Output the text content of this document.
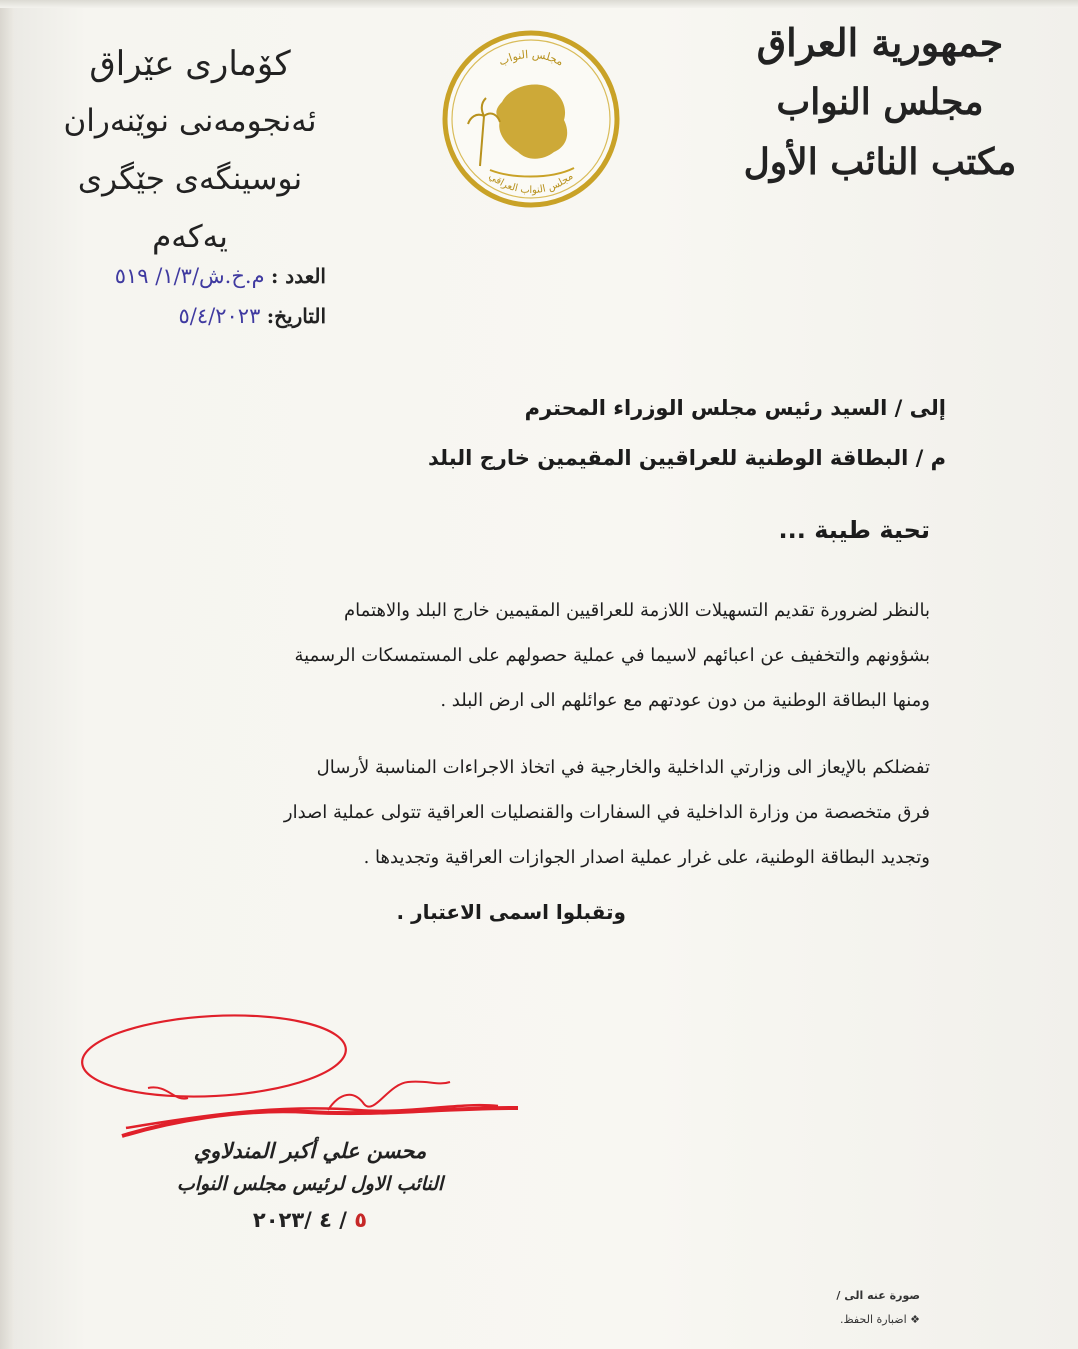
جمهورية العراق
مجلس النواب
مكتب النائب الأول
كۆماری عێراق
ئەنجومەنی نوێنەران
نوسینگەی جێگری یەکەم
مجلس النواب
مجلس النواب العراقي
العدد : م.خ.ش/١/٣/ ٥١٩
التاريخ: ٥/٤/٢٠٢٣
إلى / السيد رئيس مجلس الوزراء المحترم
م / البطاقة الوطنية للعراقيين المقيمين خارج البلد
تحية طيبة ...

بالنظر لضرورة تقديم التسهيلات اللازمة للعراقيين المقيمين خارج البلد والاهتمام
بشؤونهم والتخفيف عن اعبائهم لاسيما في عملية حصولهم على المستمسكات الرسمية
ومنها البطاقة الوطنية من دون عودتهم مع عوائلهم الى ارض البلد .

تفضلكم بالإيعاز الى وزارتي الداخلية والخارجية في اتخاذ الاجراءات المناسبة لأرسال
فرق متخصصة من وزارة الداخلية في السفارات والقنصليات العراقية تتولى عملية اصدار
وتجديد البطاقة الوطنية، على غرار عملية اصدار الجوازات العراقية وتجديدها .

وتقبلوا اسمى الاعتبار .
محسن علي أكبر المندلاوي
النائب الاول لرئيس مجلس النواب
٥ / ٤ /٢٠٢٣
صورة عنه الى /
❖ اضبارة الحفظ.
